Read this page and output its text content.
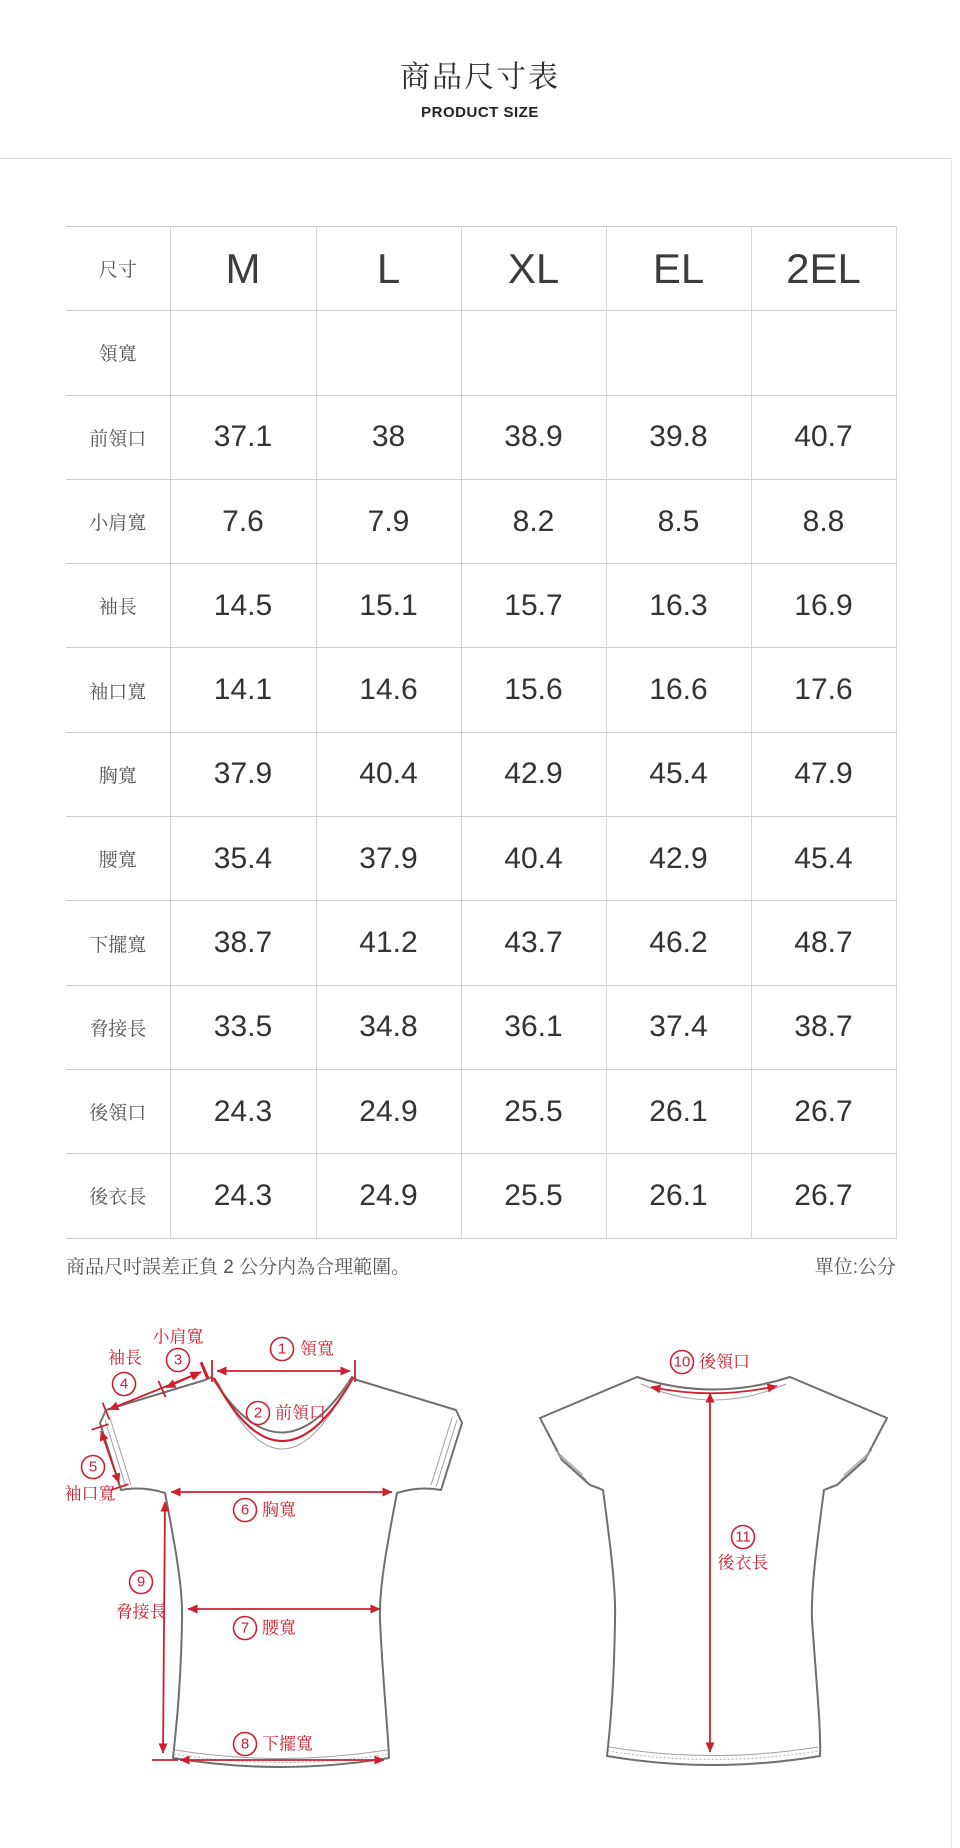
商品尺寸表
PRODUCT SIZE
尺寸	M	L	XL	EL	2EL
領寬					
前領口	37.1	38	38.9	39.8	40.7
小肩寬	7.6	7.9	8.2	8.5	8.8
袖長	14.5	15.1	15.7	16.3	16.9
袖口寬	14.1	14.6	15.6	16.6	17.6
胸寬	37.9	40.4	42.9	45.4	47.9
腰寬	35.4	37.9	40.4	42.9	45.4
下擺寬	38.7	41.2	43.7	46.2	48.7
脅接長	33.5	34.8	36.1	37.4	38.7
後領口	24.3	24.9	25.5	26.1	26.7
後衣長	24.3	24.9	25.5	26.1	26.7
商品尺吋誤差正負 2 公分内為合理範圍。	單位:公分
1 領寬
2 前領口
3
小肩寬
4
袖長
5
袖口寬
6 胸寬
7 腰寬
8 下擺寬
9
脅接長
10 後領口
11
後衣長
